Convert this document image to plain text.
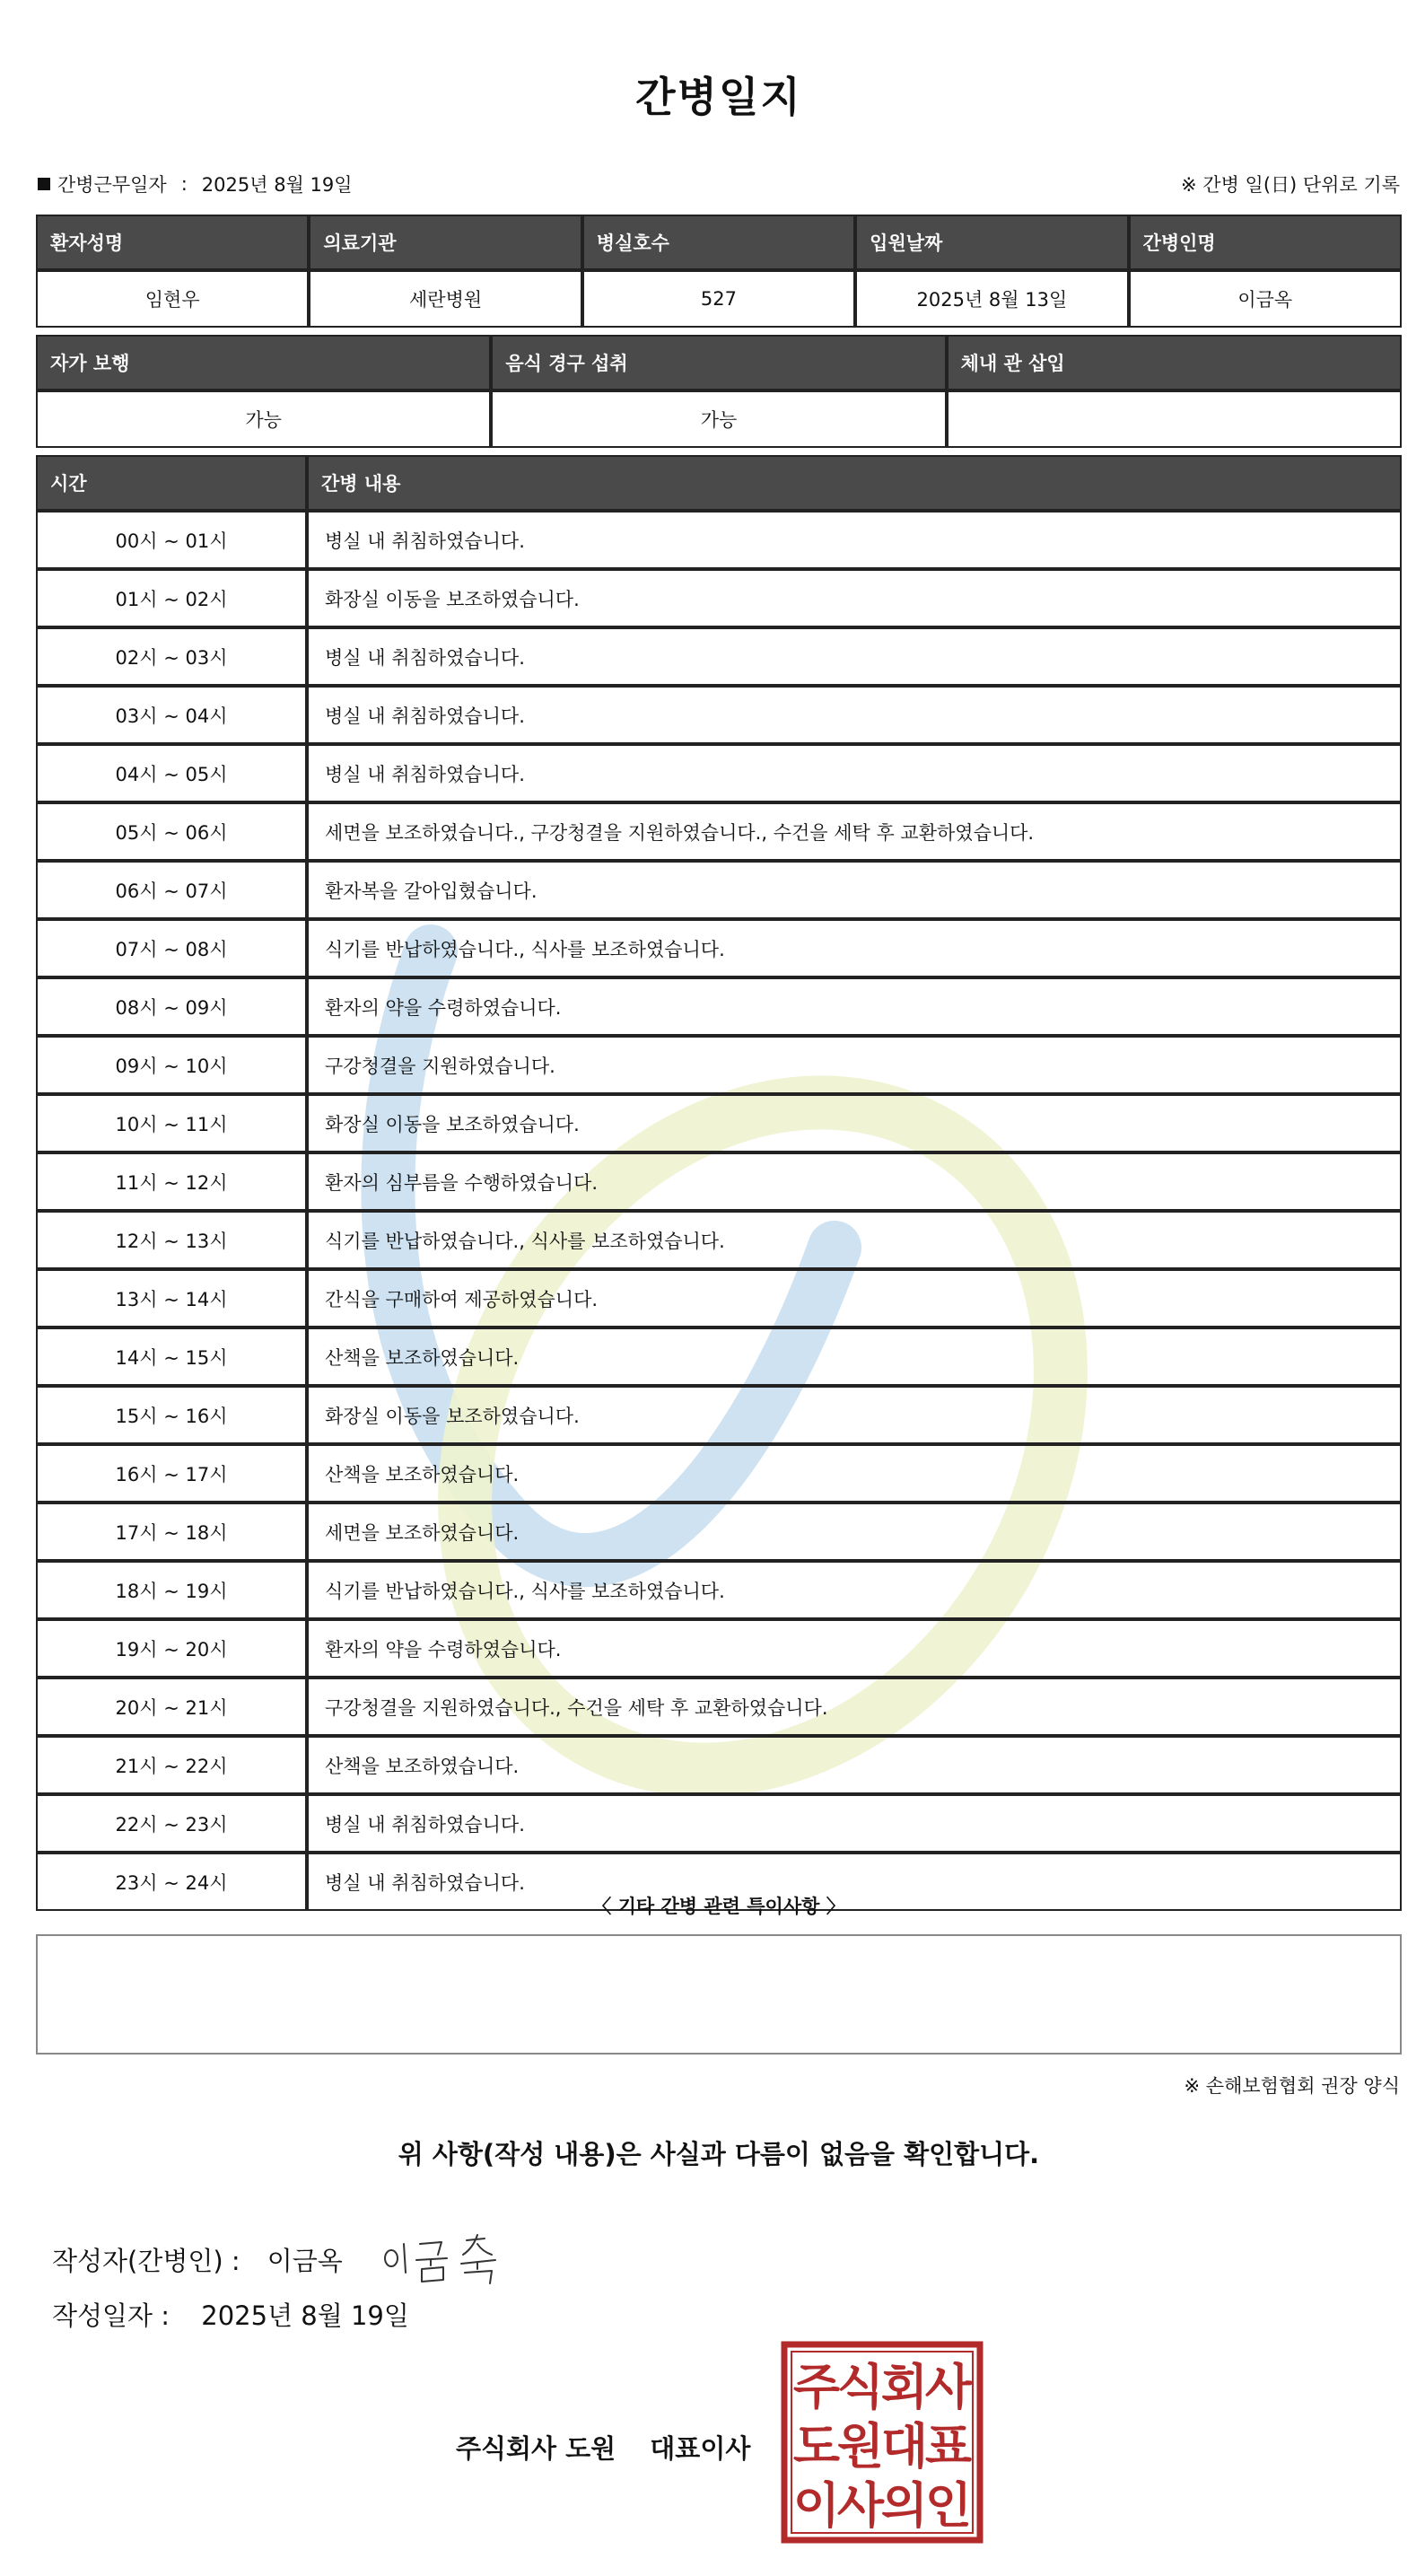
간병일지
간병근무일자 : 2025년 8월 19일	※ 간병 일(日) 단위로 기록
환자성명	의료기관	병실호수	입원날짜	간병인명
임현우	세란병원	527	2025년 8월 13일	이금옥
자가 보행	음식 경구 섭취	체내 관 삽입
가능	가능	
시간	간병 내용
00시 ~ 01시	병실 내 취침하였습니다.
01시 ~ 02시	화장실 이동을 보조하였습니다.
02시 ~ 03시	병실 내 취침하였습니다.
03시 ~ 04시	병실 내 취침하였습니다.
04시 ~ 05시	병실 내 취침하였습니다.
05시 ~ 06시	세면을 보조하였습니다., 구강청결을 지원하였습니다., 수건을 세탁 후 교환하였습니다.
06시 ~ 07시	환자복을 갈아입혔습니다.
07시 ~ 08시	식기를 반납하였습니다., 식사를 보조하였습니다.
08시 ~ 09시	환자의 약을 수령하였습니다.
09시 ~ 10시	구강청결을 지원하였습니다.
10시 ~ 11시	화장실 이동을 보조하였습니다.
11시 ~ 12시	환자의 심부름을 수행하였습니다.
12시 ~ 13시	식기를 반납하였습니다., 식사를 보조하였습니다.
13시 ~ 14시	간식을 구매하여 제공하였습니다.
14시 ~ 15시	산책을 보조하였습니다.
15시 ~ 16시	화장실 이동을 보조하였습니다.
16시 ~ 17시	산책을 보조하였습니다.
17시 ~ 18시	세면을 보조하였습니다.
18시 ~ 19시	식기를 반납하였습니다., 식사를 보조하였습니다.
19시 ~ 20시	환자의 약을 수령하였습니다.
20시 ~ 21시	구강청결을 지원하였습니다., 수건을 세탁 후 교환하였습니다.
21시 ~ 22시	산책을 보조하였습니다.
22시 ~ 23시	병실 내 취침하였습니다.
23시 ~ 24시	병실 내 취침하였습니다.
〈 기타 간병 관련 특이사항 〉
※ 손해보험협회 권장 양식
위 사항(작성 내용)은 사실과 다름이 없음을 확인합니다.
작성자(간병인) : 이금옥
작성일자 : 2025년 8월 19일
주식회사 도원 대표이사
주
식
회
사
도
원
대
표
이
사
의
인
